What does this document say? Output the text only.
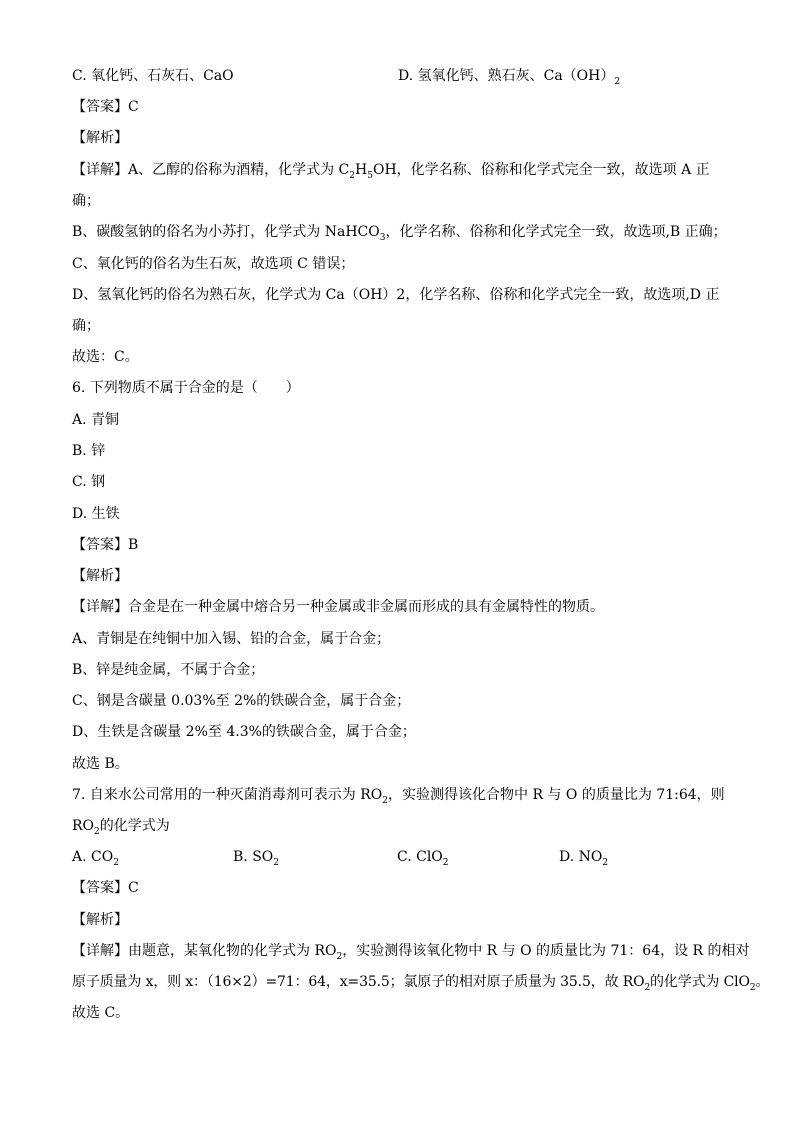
C. 氧化钙、石灰石、CaO	D. 氢氧化钙、熟石灰、$Ca(OH)_2$
【答案】C
【解析】
【详解】A、乙醇的俗称为酒精，化学式为 $C_2H_5OH$，化学名称、俗称和化学式完全一致，故选项 A 正
确；
B、碳酸氢钠的俗名为小苏打，化学式为 NaHCO$_3$，化学名称、俗称和化学式完全一致，故选项,B 正确；
C、氧化钙的俗名为生石灰，故选项 C 错误；
D、氢氧化钙的俗名为熟石灰，化学式为 Ca（OH）2，化学名称、俗称和化学式完全一致，故选项,D 正
确；
故选：C。
6. 下列物质不属于合金的是（　　）
A. 青铜
B. 锌
C. 钢
D. 生铁
【答案】B
【解析】
【详解】合金是在一种金属中熔合另一种金属或非金属而形成的具有金属特性的物质。
A、青铜是在纯铜中加入锡、铅的合金，属于合金；
B、锌是纯金属，不属于合金；
C、钢是含碳量 0.03%至 2%的铁碳合金，属于合金；
D、生铁是含碳量 2%至 4.3%的铁碳合金，属于合金；
故选 B。
7. 自来水公司常用的一种灭菌消毒剂可表示为 $RO_2$，实验测得该化合物中 R 与 O 的质量比为 71:64，则
$RO_2$的化学式为
A. $CO_2$	B. $SO_2$	C. ClO$_2$	D. $NO_2$
【答案】C
【解析】
【详解】由题意，某氧化物的化学式为 $RO_2$，实验测得该氧化物中 R 与 O 的质量比为 71：64，设 R 的相对
原子质量为 x，则 x：（16×2）=71：64，x=35.5；氯原子的相对原子质量为 35.5，故 $RO_2$的化学式为 ClO$_2$。
故选 C。
